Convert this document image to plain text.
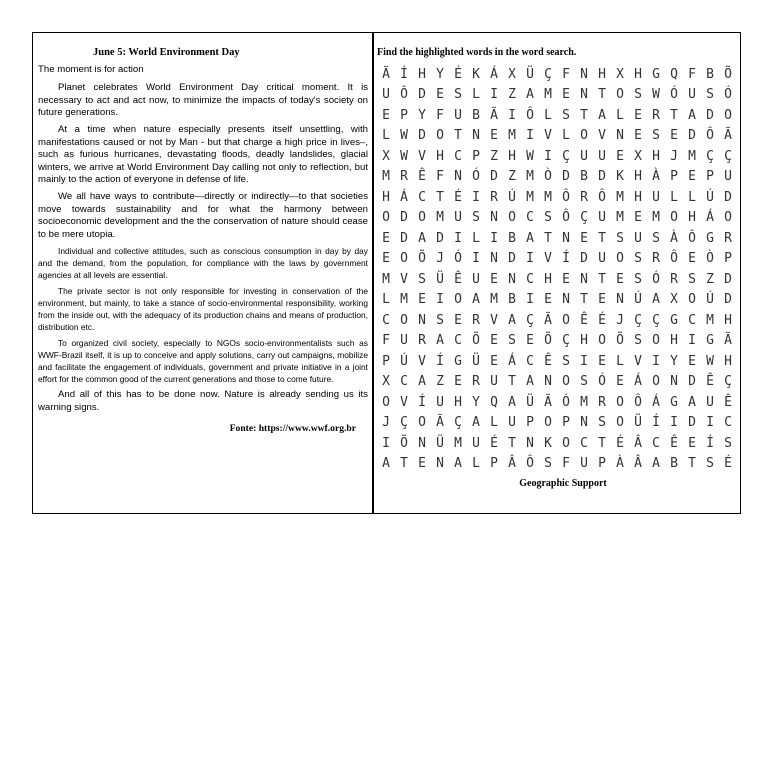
June 5: World Environment Day
The moment is for action

Planet celebrates World Environment Day critical moment. It is necessary to act and act now, to minimize the impacts of today's society on future generations.

At a time when nature especially presents itself unsettling, with manifestations caused or not by Man - but that charge a high price in lives–, such as furious hurricanes, devastating floods, deadly landslides, glacial winters, we arrive at World Environment Day calling not only to reflection, but mainly to the action of everyone in defense of life.

We all have ways to contribute—directly or indirectly—to that societies move towards sustainability and for what the harmony between socioeconomic development and the the conservation of nature should cease to be mere utopia.

Individual and collective attitudes, such as conscious consumption in day by day and the demand, from the population, for compliance with the laws by government agencies at all levels are essential.

The private sector is not only responsible for investing in conservation of the environment, but mainly, to take a stance of socio-environmental responsibility, working from the inside out, with the adequacy of its production chains and means of production, distribution etc.

To organized civil society, especially to NGOs socio-environmentalists such as WWF-Brazil itself, it is up to conceive and apply solutions, carry out campaigns, mobilize and facilitate the engagement of individuals, government and private initiative in a joint effort for the common good of the current generations and those to come future.

And all of this has to be done now. Nature is already sending us its warning signs.

Fonte: https://www.wwf.org.br
Find the highlighted words in the word search.
Ã Í H Y É K Á X Ü Ç F N H X H G Q F B Õ
U Ô D E S L I Z A M E N T O S W Ó U S Ó
E P Y F U B Ã I Ô L S T A L E R T A D O
L W D O T N E M I V L O V N E S E D Ô Ã
X W V H C P Z H W I Ç U U E X H J M Ç Ç
M R Ê F N Ó D Z M Ò D B D K H À P E P U
H Á C T É I R Ú M M Ô R Ô M H U L L Ú D
O D O M U S N O C S Ô Ç U M E M O H Á O
E D A D I L I B A T N E T S U S À Ô G R
E O Õ J Ó I N D I V Í D U O S R Ô E Ò P
M V S Ü Ê U E N C H E N T E S Ó R S Z D
L M E I O A M B I E N T E N Ú A X O Ú D
C O N S E R V A Ç Ã O Ê É J Ç Ç G C M H
F U R A C Õ E S E Õ Ç H O Õ S O H I G Ã
P Ú V Í G Ü E Á C Ê S I E L V I Y E W H
X C A Z E R U T A N O S Ó E Á O N D Ê Ç
O V Í U H Y Q A Ü Ã Ó M R O Ô Á G A U Ê
J Ç O Ã Ç A L U P O P N S O Ü Í I D I C
I Õ N Ü M U É T N K O C T É Â C Ê E Í S
A T E N A L P Â Ô S F U P À Â A B T S É
Geographic Support
